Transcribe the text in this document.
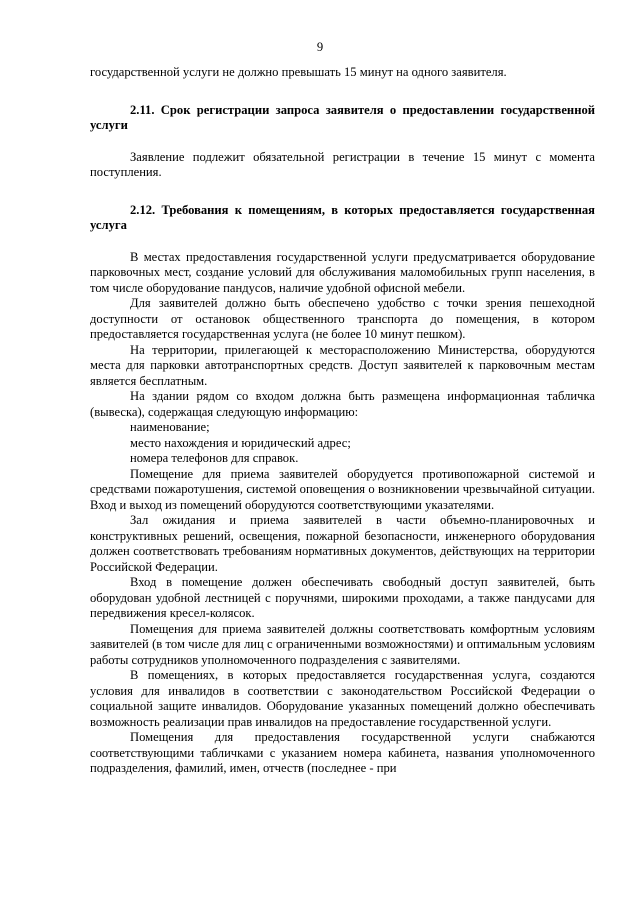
9

государственной услуги не должно превышать 15 минут на одного заявителя.

2.11. Срок регистрации запроса заявителя о предоставлении государственной услуги

Заявление подлежит обязательной регистрации в течение 15 минут с момента поступления.

2.12. Требования к помещениям, в которых предоставляется государственная услуга

В местах предоставления государственной услуги предусматривается оборудование парковочных мест, создание условий для обслуживания маломобильных групп населения, в том числе оборудование пандусов, наличие удобной офисной мебели.

Для заявителей должно быть обеспечено удобство с точки зрения пешеходной доступности от остановок общественного транспорта до помещения, в котором предоставляется государственная услуга (не более 10 минут пешком).

На территории, прилегающей к месторасположению Министерства, оборудуются места для парковки автотранспортных средств. Доступ заявителей к парковочным местам является бесплатным.

На здании рядом со входом должна быть размещена информационная табличка (вывеска), содержащая следующую информацию:

наименование;

место нахождения и юридический адрес;

номера телефонов для справок.

Помещение для приема заявителей оборудуется противопожарной системой и средствами пожаротушения, системой оповещения о возникновении чрезвычайной ситуации. Вход и выход из помещений оборудуются соответствующими указателями.

Зал ожидания и приема заявителей в части объемно-планировочных и конструктивных решений, освещения, пожарной безопасности, инженерного оборудования должен соответствовать требованиям нормативных документов, действующих на территории Российской Федерации.

Вход в помещение должен обеспечивать свободный доступ заявителей, быть оборудован удобной лестницей с поручнями, широкими проходами, а также пандусами для передвижения кресел-колясок.

Помещения для приема заявителей должны соответствовать комфортным условиям заявителей (в том числе для лиц с ограниченными возможностями) и оптимальным условиям работы сотрудников уполномоченного подразделения с заявителями.

В помещениях, в которых предоставляется государственная услуга, создаются условия для инвалидов в соответствии с законодательством Российской Федерации о социальной защите инвалидов. Оборудование указанных помещений должно обеспечивать возможность реализации прав инвалидов на предоставление государственной услуги.

Помещения для предоставления государственной услуги снабжаются соответствующими табличками с указанием номера кабинета, названия уполномоченного подразделения, фамилий, имен, отчеств (последнее - при
